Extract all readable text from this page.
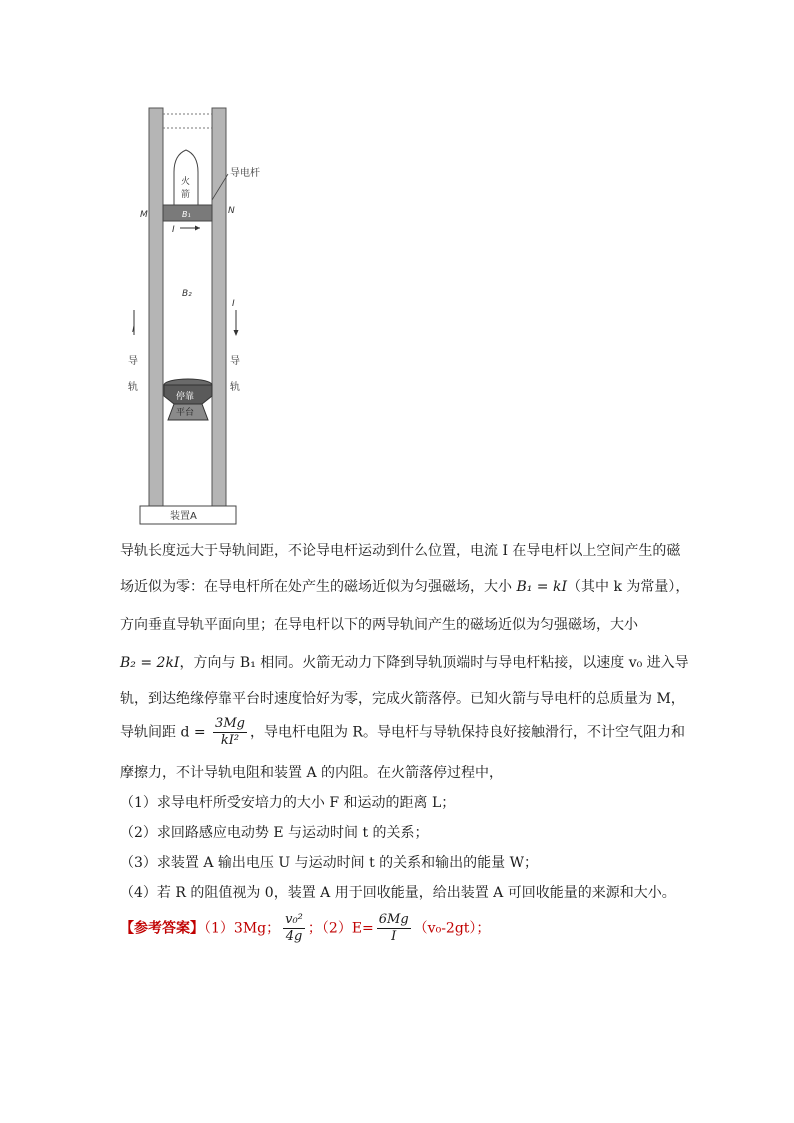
导电杆
火
箭
M	N
B₁
I
B₂
I
I
导
轨
导
轨
停靠
平台
装置A
导轨长度远大于导轨间距，不论导电杆运动到什么位置，电流 I 在导电杆以上空间产生的磁
场近似为零：在导电杆所在处产生的磁场近似为匀强磁场，大小 B₁ = kI（其中 k 为常量），
方向垂直导轨平面向里；在导电杆以下的两导轨间产生的磁场近似为匀强磁场，大小
B₂ = 2kI，方向与 B₁ 相同。火箭无动力下降到导轨顶端时与导电杆粘接，以速度 v₀ 进入导
轨，到达绝缘停靠平台时速度恰好为零，完成火箭落停。已知火箭与导电杆的总质量为 M，
导轨间距 $d = \frac{3Mg}{\text{kI²}}$ ，导电杆电阻为 R。导电杆与导轨保持良好接触滑行，不计空气阻力和
摩擦力，不计导轨电阻和装置 A 的内阻。在火箭落停过程中，
（1）求导电杆所受安培力的大小 F 和运动的距离 L；
（2）求回路感应电动势 E 与运动时间 t 的关系；
（3）求装置 A 输出电压 U 与运动时间 t 的关系和输出的能量 W；
（4）若 R 的阻值视为 0，装置 A 用于回收能量，给出装置 A 可回收能量的来源和大小。
【参考答案】（1）3Mg； $\frac{\text{v₀²}}{4g}$ ；$(2)E= \frac{6Mg}{I} (v_0-2gt)$；
